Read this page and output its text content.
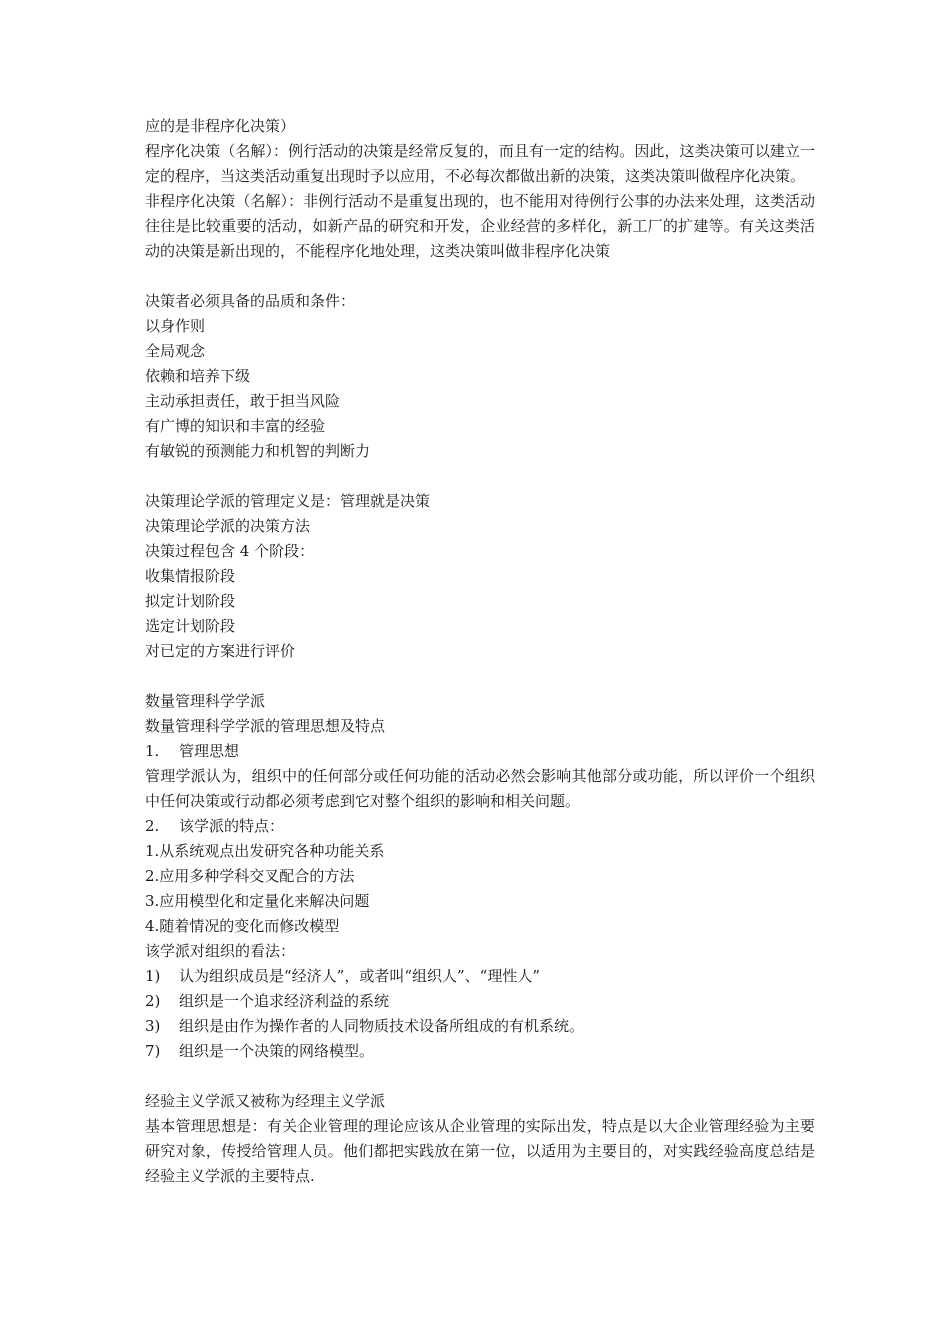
应的是非程序化决策）
程序化决策（名解）：例行活动的决策是经常反复的，而且有一定的结构。因此，这类决策可以建立一定的程序，当这类活动重复出现时予以应用，不必每次都做出新的决策，这类决策叫做程序化决策。
非程序化决策（名解）：非例行活动不是重复出现的，也不能用对待例行公事的办法来处理，这类活动往往是比较重要的活动，如新产品的研究和开发，企业经营的多样化，新工厂的扩建等。有关这类活动的决策是新出现的，不能程序化地处理，这类决策叫做非程序化决策
决策者必须具备的品质和条件：
以身作则
全局观念
依赖和培养下级
主动承担责任，敢于担当风险
有广博的知识和丰富的经验
有敏锐的预测能力和机智的判断力
决策理论学派的管理定义是：管理就是决策
决策理论学派的决策方法
决策过程包含 4 个阶段：
收集情报阶段
拟定计划阶段
选定计划阶段
对已定的方案进行评价
数量管理科学学派
数量管理科学学派的管理思想及特点
1. 管理思想
管理学派认为，组织中的任何部分或任何功能的活动必然会影响其他部分或功能，所以评价一个组织中任何决策或行动都必须考虑到它对整个组织的影响和相关问题。
2. 该学派的特点：
1.从系统观点出发研究各种功能关系
2.应用多种学科交叉配合的方法
3.应用模型化和定量化来解决问题
4.随着情况的变化而修改模型
该学派对组织的看法：
1) 认为组织成员是“经济人”，或者叫“组织人”、“理性人”
2) 组织是一个追求经济利益的系统
3) 组织是由作为操作者的人同物质技术设备所组成的有机系统。
7) 组织是一个决策的网络模型。
经验主义学派又被称为经理主义学派
基本管理思想是：有关企业管理的理论应该从企业管理的实际出发，特点是以大企业管理经验为主要研究对象，传授给管理人员。他们都把实践放在第一位，以适用为主要目的，对实践经验高度总结是经验主义学派的主要特点.
